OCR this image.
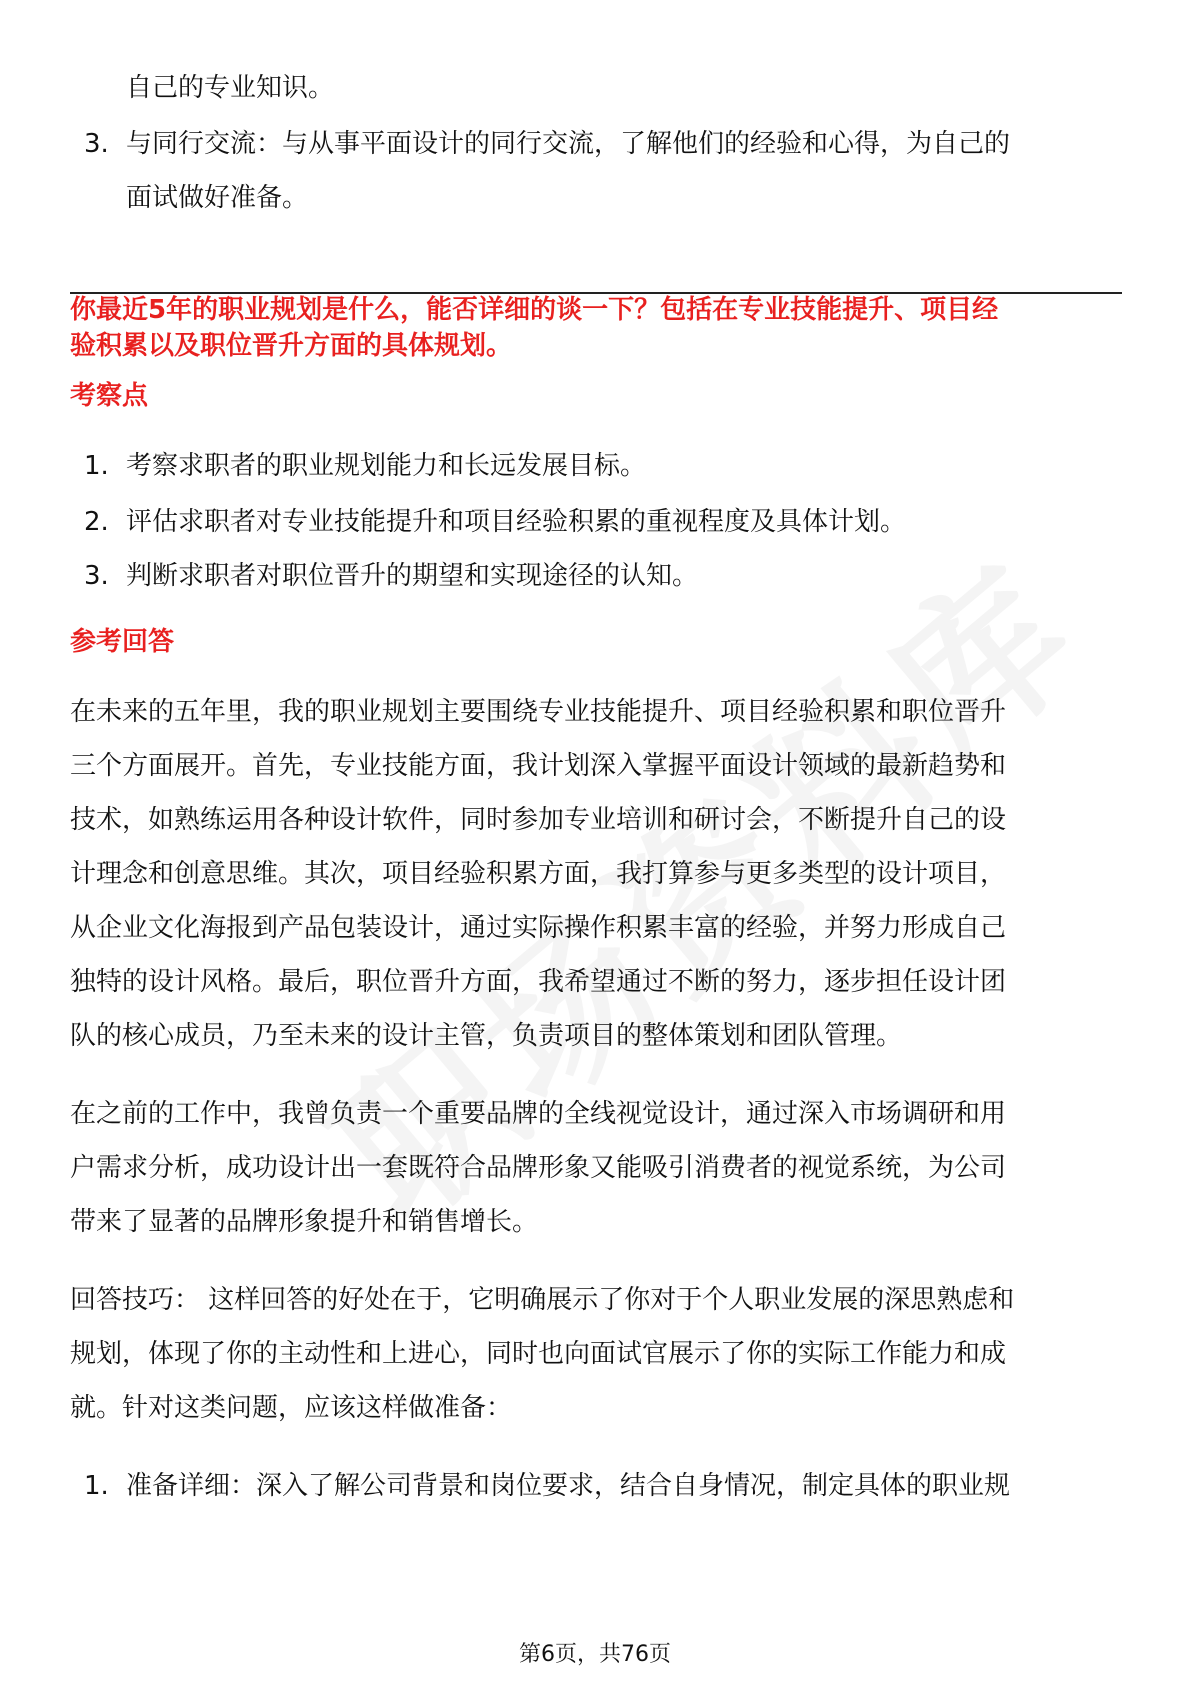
自己的专业知识。
3. 与同行交流：与从事平面设计的同行交流，了解他们的经验和心得，为自己的
面试做好准备。
你最近5年的职业规划是什么，能否详细的谈一下？包括在专业技能提升、项目经
验积累以及职位晋升方面的具体规划。
考察点
1. 考察求职者的职业规划能力和长远发展目标。
2. 评估求职者对专业技能提升和项目经验积累的重视程度及具体计划。
3. 判断求职者对职位晋升的期望和实现途径的认知。
参考回答
在未来的五年里，我的职业规划主要围绕专业技能提升、项目经验积累和职位晋升
三个方面展开。首先，专业技能方面，我计划深入掌握平面设计领域的最新趋势和
技术，如熟练运用各种设计软件，同时参加专业培训和研讨会，不断提升自己的设
计理念和创意思维。其次，项目经验积累方面，我打算参与更多类型的设计项目，
从企业文化海报到产品包装设计，通过实际操作积累丰富的经验，并努力形成自己
独特的设计风格。最后，职位晋升方面，我希望通过不断的努力，逐步担任设计团
队的核心成员，乃至未来的设计主管，负责项目的整体策划和团队管理。
在之前的工作中，我曾负责一个重要品牌的全线视觉设计，通过深入市场调研和用
户需求分析，成功设计出一套既符合品牌形象又能吸引消费者的视觉系统，为公司
带来了显著的品牌形象提升和销售增长。
回答技巧： 这样回答的好处在于，它明确展示了你对于个人职业发展的深思熟虑和
规划，体现了你的主动性和上进心，同时也向面试官展示了你的实际工作能力和成
就。针对这类问题，应该这样做准备：
1. 准备详细：深入了解公司背景和岗位要求，结合自身情况，制定具体的职业规
第6页，共76页
